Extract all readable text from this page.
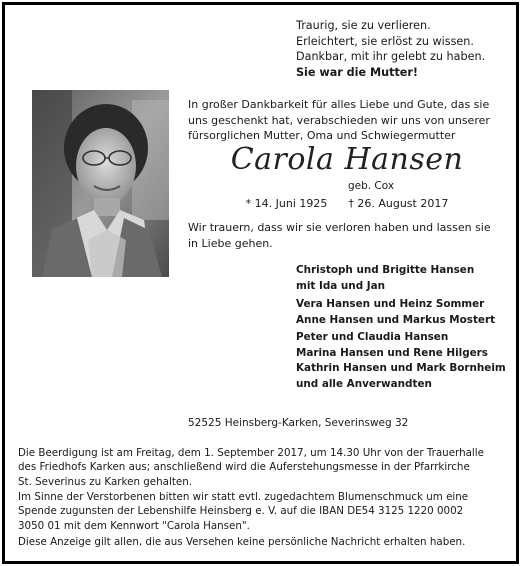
Traurig, sie zu verlieren.
Erleichtert, sie erlöst zu wissen.
Dankbar, mit ihr gelebt zu haben.
Sie war die Mutter!
In großer Dankbarkeit für alles Liebe und Gute, das sie
uns geschenkt hat, verabschieden wir uns von unserer
fürsorglichen Mutter, Oma und Schwiegermutter
Carola Hansen
geb. Cox
* 14. Juni 1925 † 26. August 2017
Wir trauern, dass wir sie verloren haben und lassen sie
in Liebe gehen.
Christoph und Brigitte Hansen
mit Ida und Jan
Vera Hansen und Heinz Sommer
Anne Hansen und Markus Mostert
Peter und Claudia Hansen
Marina Hansen und Rene Hilgers
Kathrin Hansen und Mark Bornheim
und alle Anverwandten
52525 Heinsberg-Karken, Severinsweg 32
Die Beerdigung ist am Freitag, dem 1. September 2017, um 14.30 Uhr von der Trauerhalle
des Friedhofs Karken aus; anschließend wird die Auferstehungsmesse in der Pfarrkirche
St. Severinus zu Karken gehalten.
Im Sinne der Verstorbenen bitten wir statt evtl. zugedachtem Blumenschmuck um eine
Spende zugunsten der Lebenshilfe Heinsberg e. V. auf die IBAN DE54 3125 1220 0002
3050 01 mit dem Kennwort "Carola Hansen".
Diese Anzeige gilt allen, die aus Versehen keine persönliche Nachricht erhalten haben.
